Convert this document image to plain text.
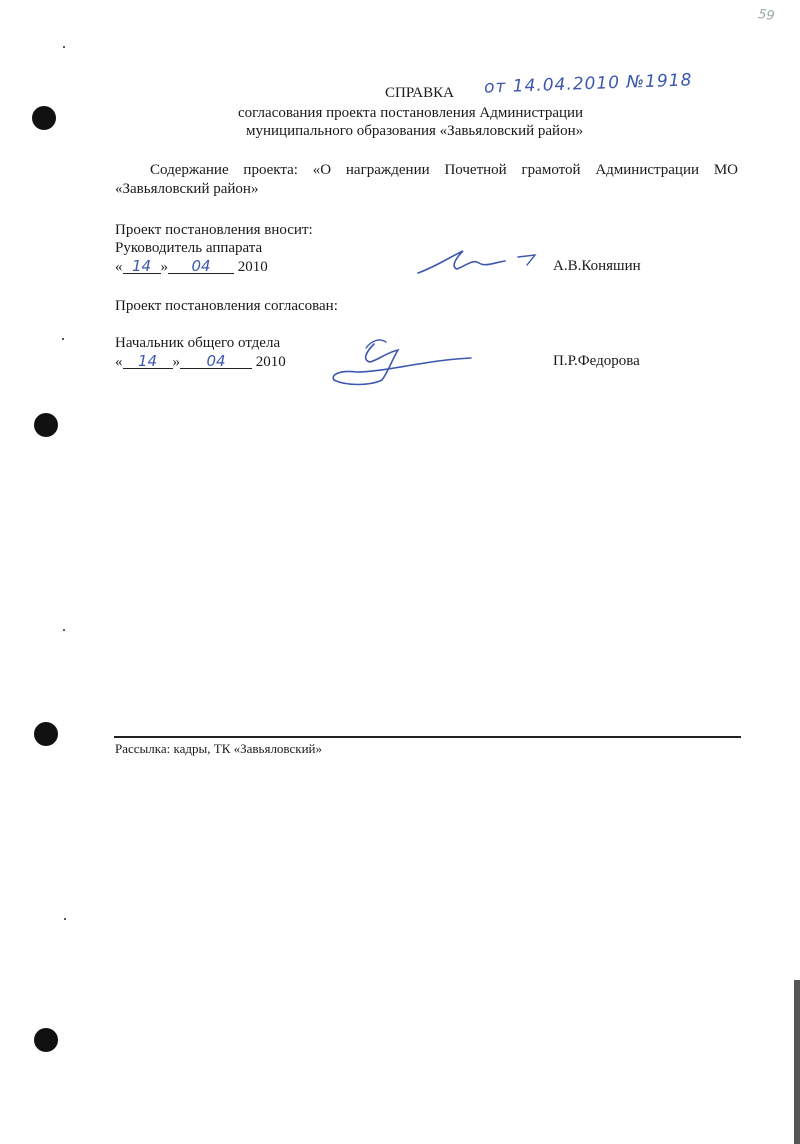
59
СПРАВКА от 14.04.2010 №1918
согласования проекта постановления Администрации
муниципального образования «Завьяловский район»
Содержание проекта: «О награждении Почетной грамотой Администрации МО
«Завьяловский район»
Проект постановления вносит:
Руководитель аппарата
« 14 » 04 2010	А.В.Коняшин
Проект постановления согласован:
Начальник общего отдела
« 14 » 04 2010	П.Р.Федорова
Рассылка: кадры, ТК «Завьяловский»
